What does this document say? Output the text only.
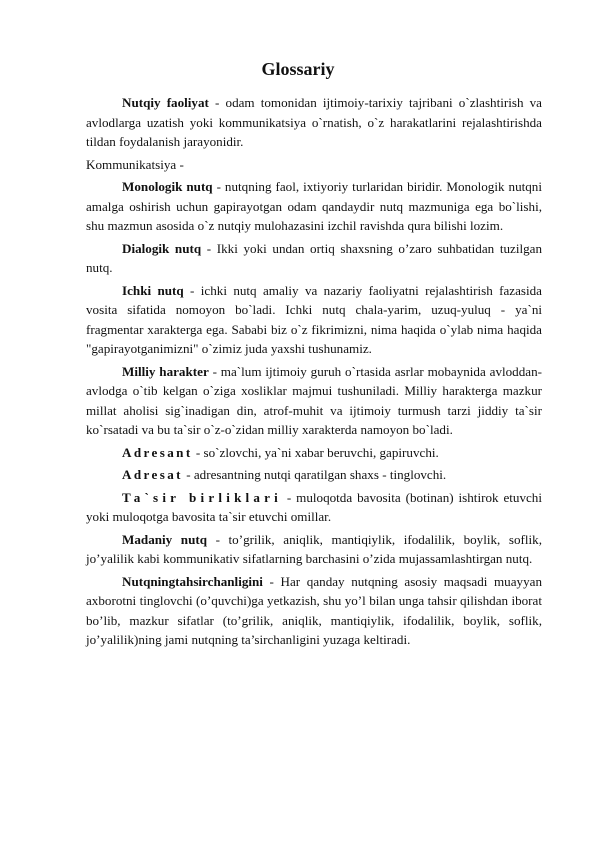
Glossariy

Nutqiy faoliyat - odam tomonidan ijtimoiy-tarixiy tajribani o`zlashtirish va avlodlarga uzatish yoki kommunikatsiya o`rnatish, o`z harakatlarini rejalashtirishda tildan foydalanish jarayonidir.

Kommunikatsiya -

Monologik nutq - nutqning faol, ixtiyoriy turlaridan biridir. Monologik nutqni amalga oshirish uchun gapirayotgan odam qandaydir nutq mazmuniga ega bo`lishi, shu mazmun asosida o`z nutqiy mulohazasini izchil ravishda qura bilishi lozim.

Dialogik nutq - Ikki yoki undan ortiq shaxsning o’zaro suhbatidan tuzilgan nutq.

Ichki nutq - ichki nutq amaliy va nazariy faoliyatni rejalashtirish fazasida vosita sifatida nomoyon bo`ladi. Ichki nutq chala-yarim, uzuq-yuluq - ya`ni fragmentar xarakterga ega. Sababi biz o`z fikrimizni, nima haqida o`ylab nima haqida "gapirayotganimizni" o`zimiz juda yaxshi tushunamiz.

Milliy harakter - ma`lum ijtimoiy guruh o`rtasida asrlar mobaynida avloddan-avlodga o`tib kelgan o`ziga xosliklar majmui tushuniladi. Milliy harakterga mazkur millat aholisi sig`inadigan din, atrof-muhit va ijtimoiy turmush tarzi jiddiy ta`sir ko`rsatadi va bu ta`sir o`z-o`zidan milliy xarakterda namoyon bo`ladi.

Adresant - so`zlovchi, ya`ni xabar beruvchi, gapiruvchi.

Adresat - adresantning nutqi qaratilgan shaxs - tinglovchi.

Ta`sir birliklari - muloqotda bavosita (botinan) ishtirok etuvchi yoki muloqotga bavosita ta`sir etuvchi omillar.

Madaniy nutq - to’grilik, aniqlik, mantiqiylik, ifodalilik, boylik, soflik, jo’yalilik kabi kommunikativ sifatlarning barchasini o’zida mujassamlashtirgan nutq.

Nutqningtahsirchanligini - Har qanday nutqning asosiy maqsadi muayyan axborotni tinglovchi (o’quvchi)ga yetkazish, shu yo’l bilan unga tahsir qilishdan iborat bo’lib, mazkur sifatlar (to’grilik, aniqlik, mantiqiylik, ifodalilik, boylik, soflik, jo’yalilik)ning jami nutqning ta’sirchanligini yuzaga keltiradi.
